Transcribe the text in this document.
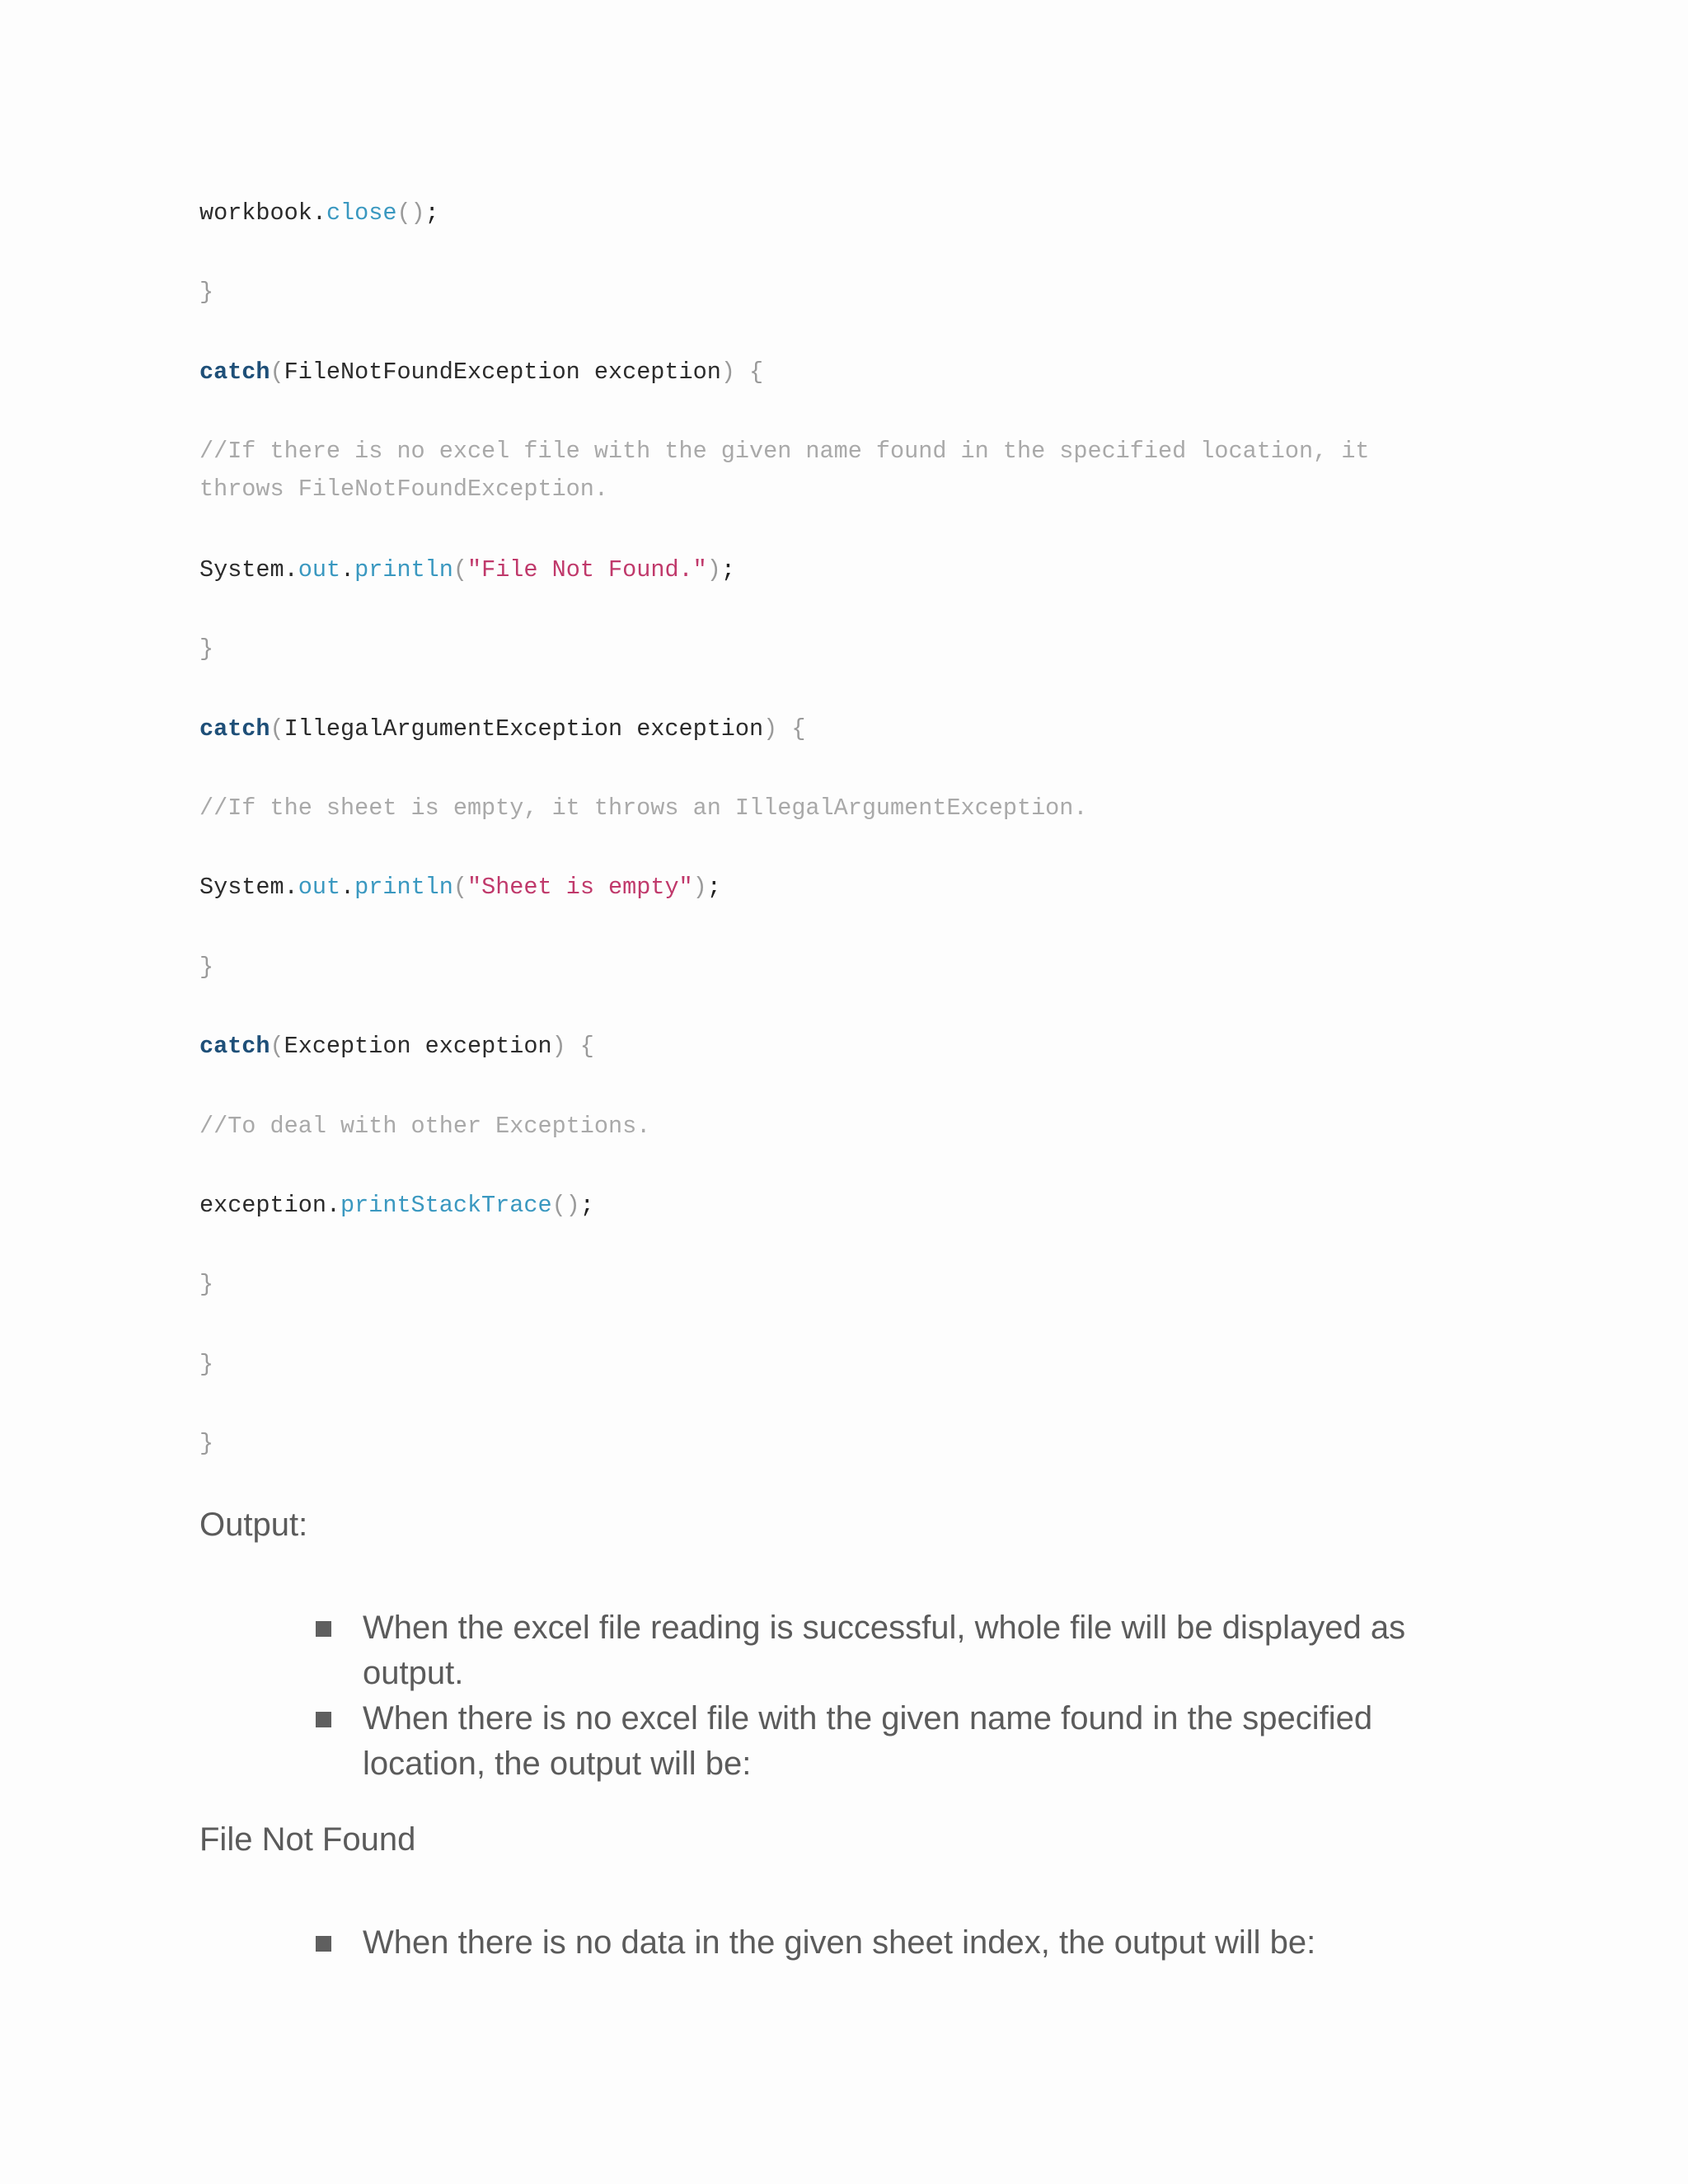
workbook.close();
}
catch(FileNotFoundException exception) {
//If there is no excel file with the given name found in the specified location, it throws FileNotFoundException.
System.out.println("File Not Found.");
}
catch(IllegalArgumentException exception) {
//If the sheet is empty, it throws an IllegalArgumentException.
System.out.println("Sheet is empty");
}
catch(Exception exception) {
//To deal with other Exceptions.
exception.printStackTrace();
}
}
}
Output:
When the excel file reading is successful, whole file will be displayed as output.
When there is no excel file with the given name found in the specified location, the output will be:
File Not Found
When there is no data in the given sheet index, the output will be:
